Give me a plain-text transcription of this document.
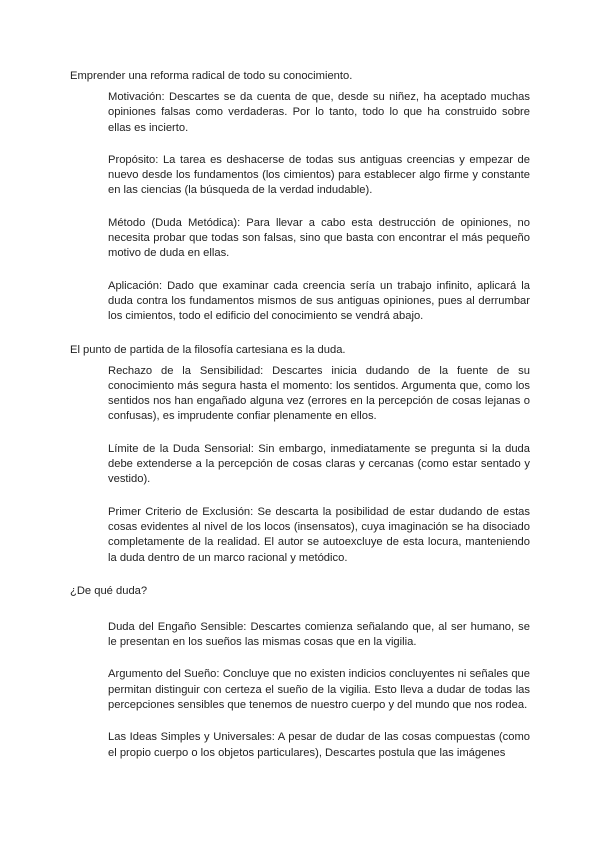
Emprender una reforma radical de todo su conocimiento.

Motivación: Descartes se da cuenta de que, desde su niñez, ha aceptado muchas opiniones falsas como verdaderas. Por lo tanto, todo lo que ha construido sobre ellas es incierto.

Propósito: La tarea es deshacerse de todas sus antiguas creencias y empezar de nuevo desde los fundamentos (los cimientos) para establecer algo firme y constante en las ciencias (la búsqueda de la verdad indudable).

Método (Duda Metódica): Para llevar a cabo esta destrucción de opiniones, no necesita probar que todas son falsas, sino que basta con encontrar el más pequeño motivo de duda en ellas.

Aplicación: Dado que examinar cada creencia sería un trabajo infinito, aplicará la duda contra los fundamentos mismos de sus antiguas opiniones, pues al derrumbar los cimientos, todo el edificio del conocimiento se vendrá abajo.

El punto de partida de la filosofía cartesiana es la duda.

Rechazo de la Sensibilidad: Descartes inicia dudando de la fuente de su conocimiento más segura hasta el momento: los sentidos. Argumenta que, como los sentidos nos han engañado alguna vez (errores en la percepción de cosas lejanas o confusas), es imprudente confiar plenamente en ellos.

Límite de la Duda Sensorial: Sin embargo, inmediatamente se pregunta si la duda debe extenderse a la percepción de cosas claras y cercanas (como estar sentado y vestido).

Primer Criterio de Exclusión: Se descarta la posibilidad de estar dudando de estas cosas evidentes al nivel de los locos (insensatos), cuya imaginación se ha disociado completamente de la realidad. El autor se autoexcluye de esta locura, manteniendo la duda dentro de un marco racional y metódico.

¿De qué duda?

Duda del Engaño Sensible: Descartes comienza señalando que, al ser humano, se le presentan en los sueños las mismas cosas que en la vigilia.

Argumento del Sueño: Concluye que no existen indicios concluyentes ni señales que permitan distinguir con certeza el sueño de la vigilia. Esto lleva a dudar de todas las percepciones sensibles que tenemos de nuestro cuerpo y del mundo que nos rodea.

Las Ideas Simples y Universales: A pesar de dudar de las cosas compuestas (como el propio cuerpo o los objetos particulares), Descartes postula que las imágenes
